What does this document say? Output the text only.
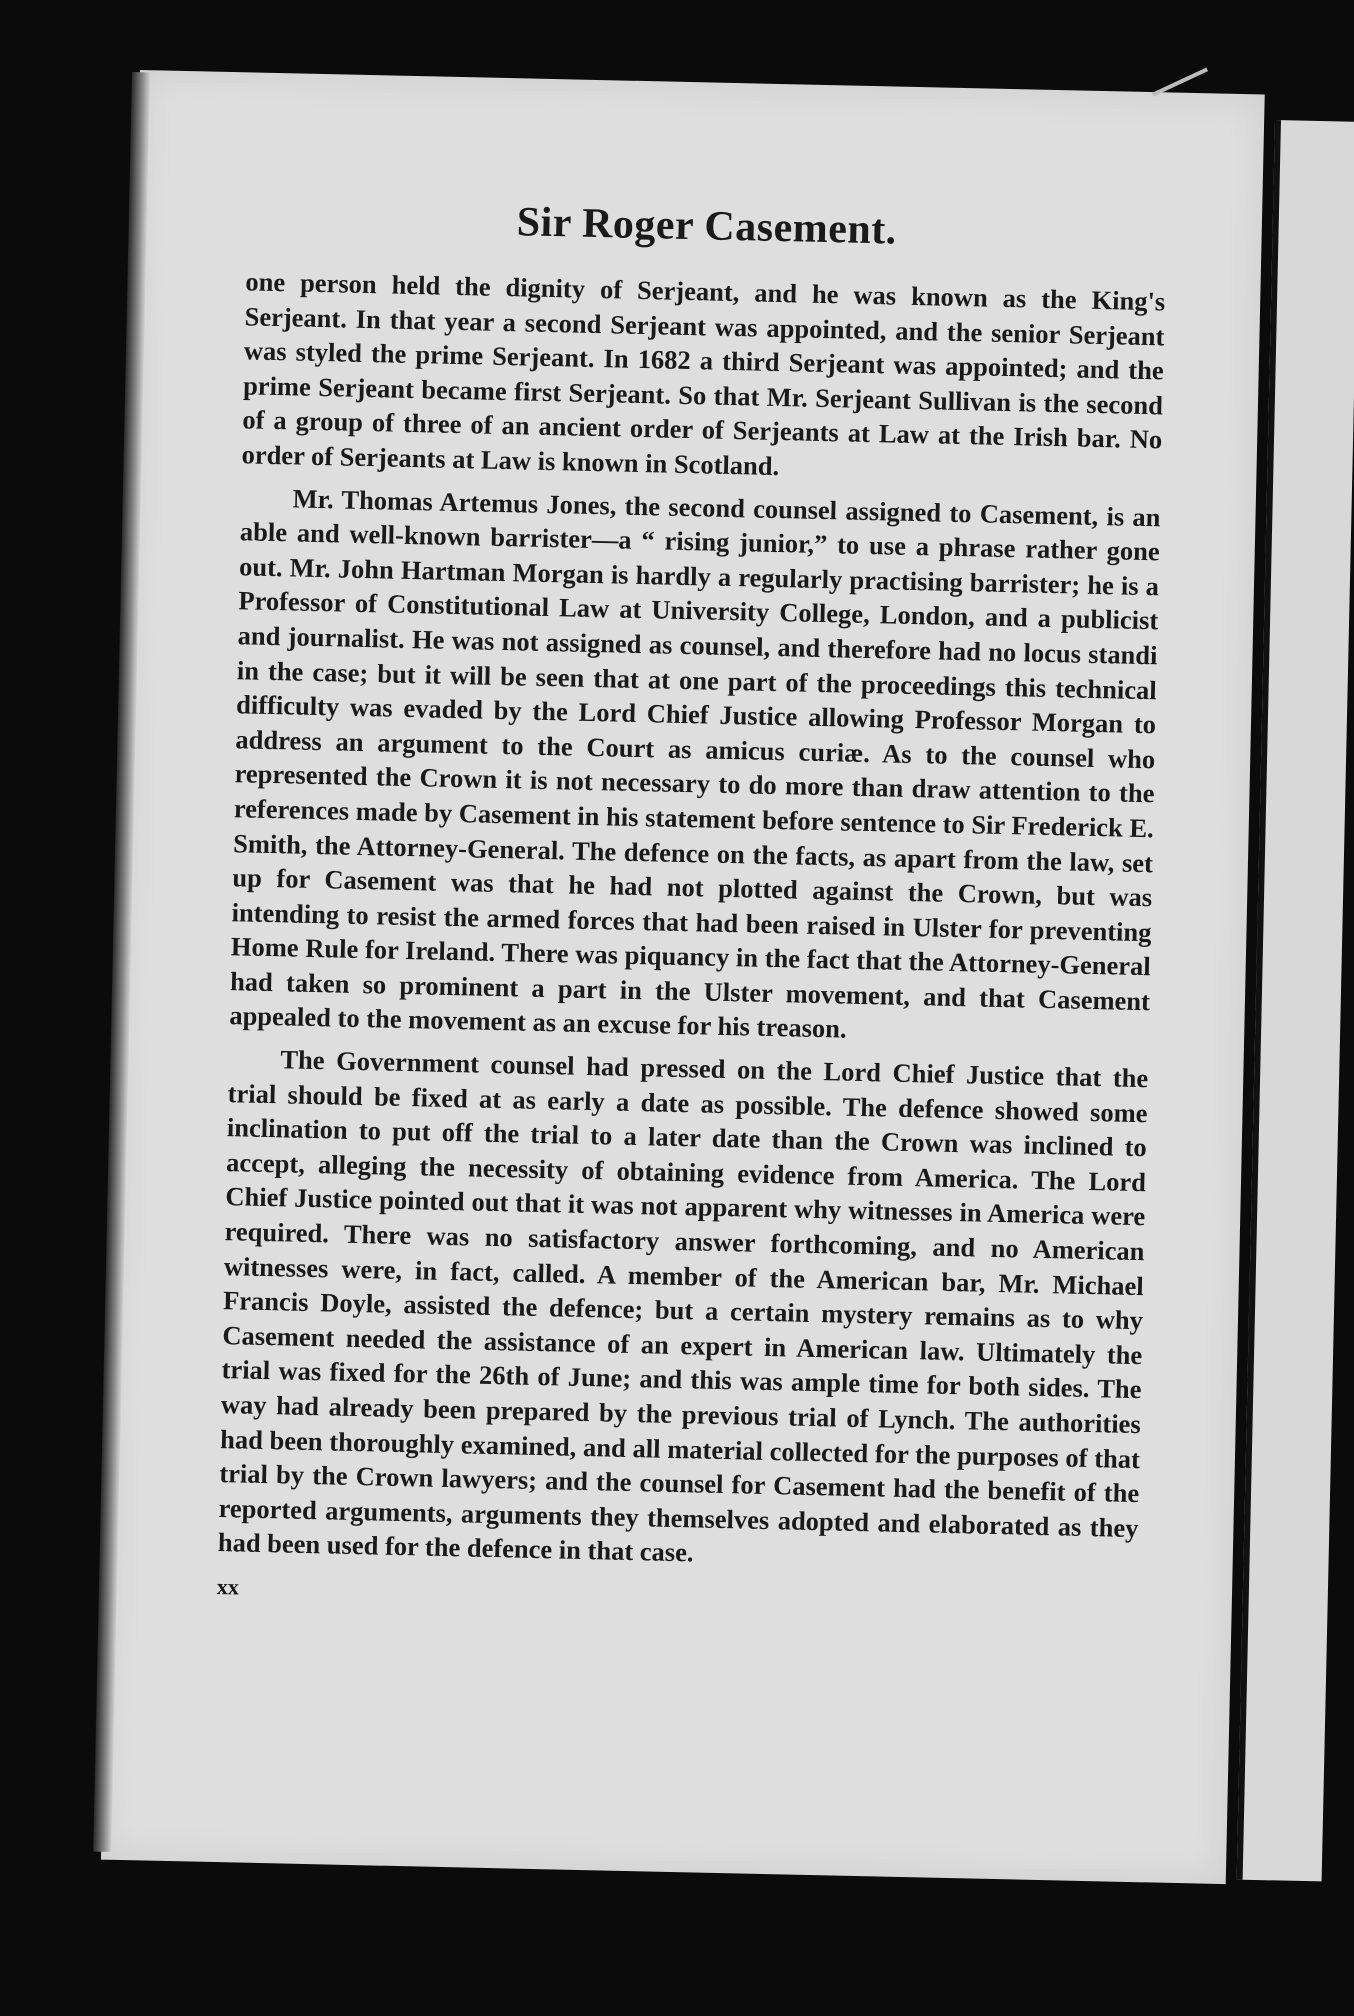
Sir Roger Casement.

one person held the dignity of Serjeant, and he was known as the King's Serjeant. In that year a second Serjeant was appointed, and the senior Serjeant was styled the prime Serjeant. In 1682 a third Serjeant was appointed; and the prime Serjeant became first Serjeant. So that Mr. Serjeant Sullivan is the second of a group of three of an ancient order of Serjeants at Law at the Irish bar. No order of Serjeants at Law is known in Scotland.

Mr. Thomas Artemus Jones, the second counsel assigned to Casement, is an able and well-known barrister—a “ rising junior,” to use a phrase rather gone out. Mr. John Hartman Morgan is hardly a regularly practising barrister; he is a Professor of Constitutional Law at University College, London, and a publicist and journalist. He was not assigned as counsel, and therefore had no locus standi in the case; but it will be seen that at one part of the proceedings this technical difficulty was evaded by the Lord Chief Justice allowing Professor Morgan to address an argument to the Court as amicus curiæ. As to the counsel who represented the Crown it is not necessary to do more than draw attention to the references made by Casement in his statement before sentence to Sir Frederick E. Smith, the Attorney-General. The defence on the facts, as apart from the law, set up for Casement was that he had not plotted against the Crown, but was intending to resist the armed forces that had been raised in Ulster for preventing Home Rule for Ireland. There was piquancy in the fact that the Attorney-General had taken so prominent a part in the Ulster movement, and that Casement appealed to the movement as an excuse for his treason.

The Government counsel had pressed on the Lord Chief Justice that the trial should be fixed at as early a date as possible. The defence showed some inclination to put off the trial to a later date than the Crown was inclined to accept, alleging the necessity of obtaining evidence from America. The Lord Chief Justice pointed out that it was not apparent why witnesses in America were required. There was no satisfactory answer forthcoming, and no American witnesses were, in fact, called. A member of the American bar, Mr. Michael Francis Doyle, assisted the defence; but a certain mystery remains as to why Casement needed the assistance of an expert in American law. Ultimately the trial was fixed for the 26th of June; and this was ample time for both sides. The way had already been prepared by the previous trial of Lynch. The authorities had been thoroughly examined, and all material collected for the purposes of that trial by the Crown lawyers; and the counsel for Casement had the benefit of the reported arguments, arguments they themselves adopted and elaborated as they had been used for the defence in that case.

xx
